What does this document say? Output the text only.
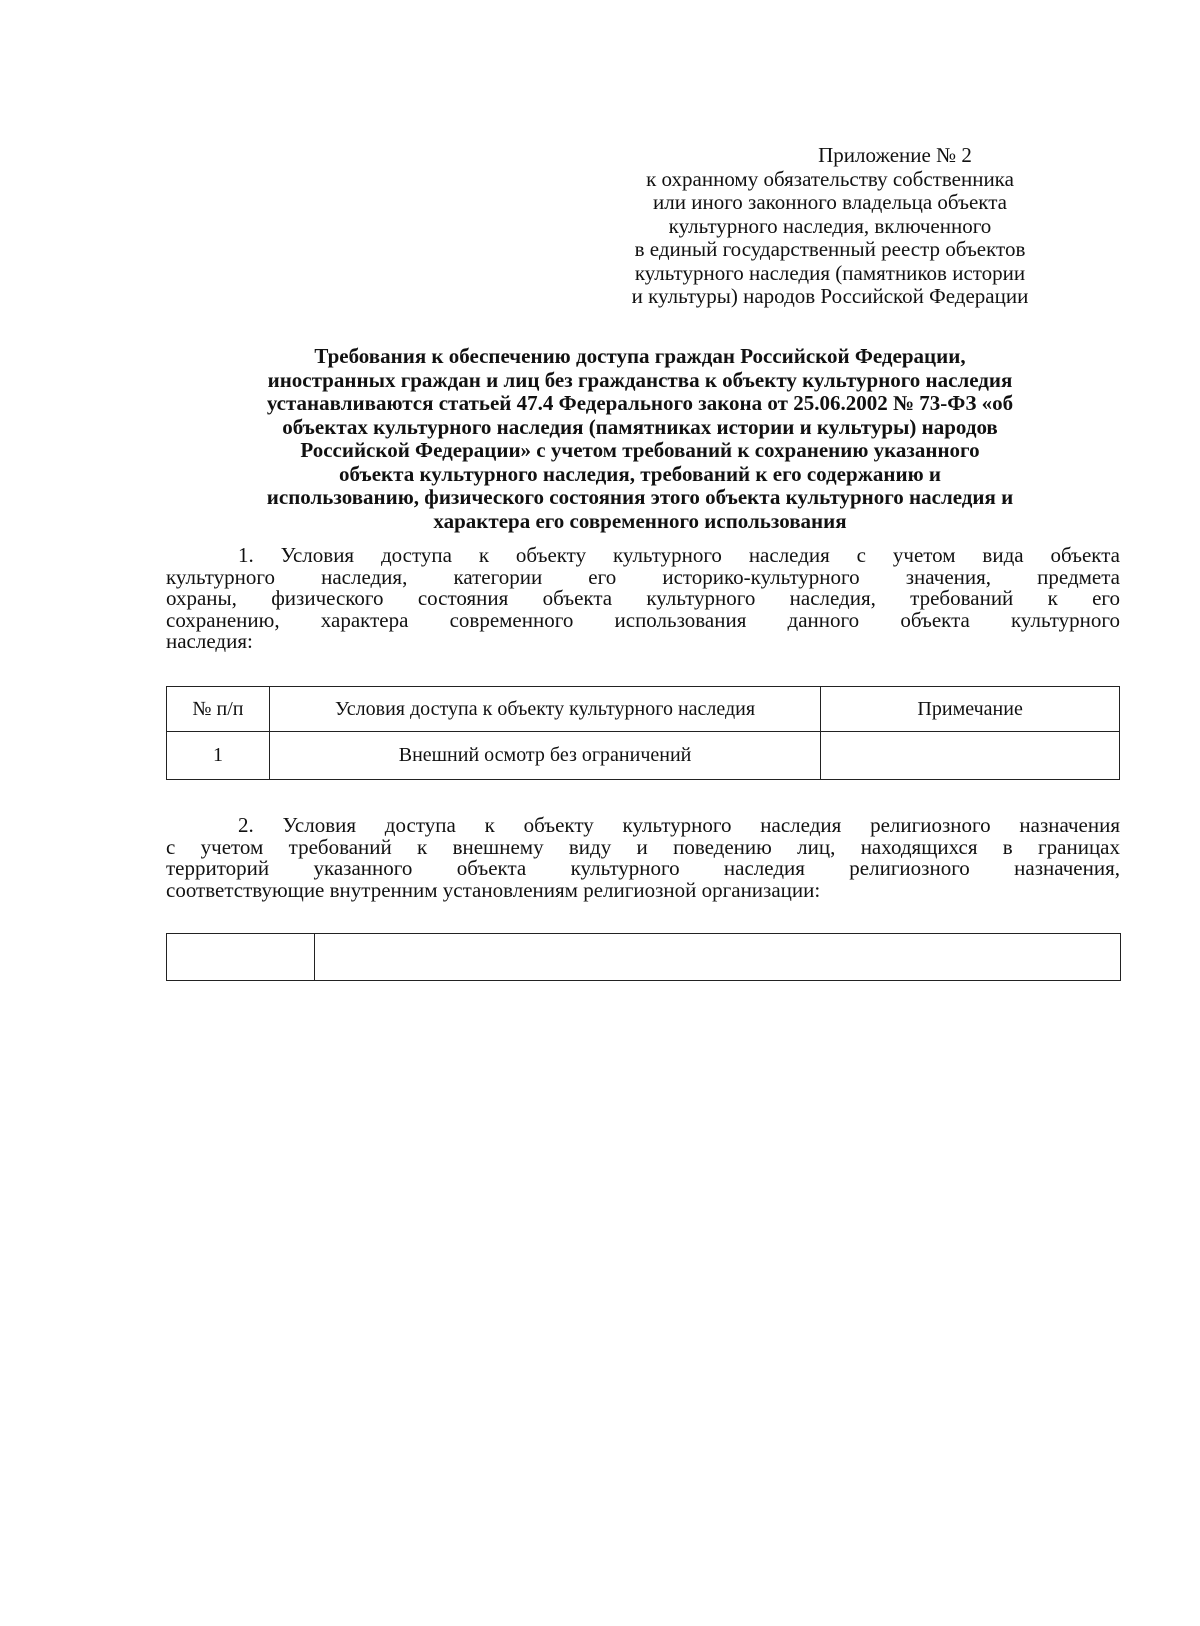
Приложение № 2
к охранному обязательству собственника
или иного законного владельца объекта
культурного наследия, включенного
в единый государственный реестр объектов
культурного наследия (памятников истории
и культуры) народов Российской Федерации
Требования к обеспечению доступа граждан Российской Федерации,
иностранных граждан и лиц без гражданства к объекту культурного наследия
устанавливаются статьей 47.4 Федерального закона от 25.06.2002 № 73-ФЗ «об
объектах культурного наследия (памятниках истории и культуры) народов
Российской Федерации» с учетом требований к сохранению указанного
объекта культурного наследия, требований к его содержанию и
использованию, физического состояния этого объекта культурного наследия и
характера его современного использования
1. Условия доступа к объекту культурного наследия с учетом вида объекта
культурного наследия, категории его историко-культурного значения, предмета
охраны, физического состояния объекта культурного наследия, требований к его
сохранению, характера современного использования данного объекта культурного
наследия:
№ п/п	Условия доступа к объекту культурного наследия	Примечание
1	Внешний осмотр без ограничений	
2. Условия доступа к объекту культурного наследия религиозного назначения
с учетом требований к внешнему виду и поведению лиц, находящихся в границах
территорий указанного объекта культурного наследия религиозного назначения,
соответствующие внутренним установлениям религиозной организации:
